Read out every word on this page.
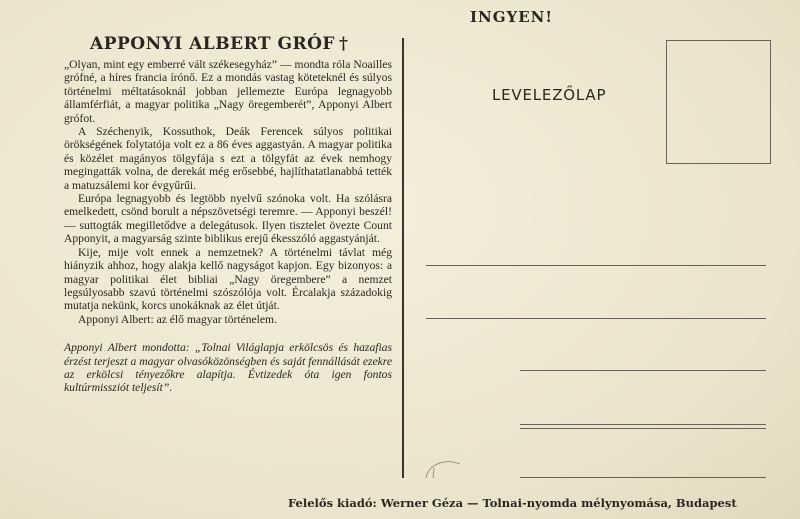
INGYEN!
APPONYI ALBERT GRÓF †

„Olyan, mint egy emberré vált székesegyház” — mondta róla Noailles grófné, a híres francia írónő. Ez a mondás vastag köteteknél és súlyos történelmi méltatásoknál jobban jellemezte Európa legnagyobb államférfiát, a magyar politika „Nagy öregemberét”, Apponyi Albert grófot.

A Széchenyik, Kossuthok, Deák Ferencek súlyos politikai örökségének folytatója volt ez a 86 éves aggastyán. A magyar politika és közélet magányos tölgyfája s ezt a tölgyfát az évek nemhogy megingatták volna, de derekát még erősebbé, hajlíthatatlanabbá tették a matuzsálemi kor évgyűrűi.

Európa legnagyobb és legtöbb nyelvű szónoka volt. Ha szólásra emelkedett, csönd borult a népszövetségi teremre. — Apponyi beszél! — suttogták megilletődve a delegátusok. Ilyen tisztelet övezte Count Apponyit, a magyarság szinte biblikus erejű ékesszóló aggastyánját.

Kije, mije volt ennek a nemzetnek? A történelmi távlat még hiányzik ahhoz, hogy alakja kellő nagyságot kapjon. Egy bizonyos: a magyar politikai élet bibliai „Nagy öregembere” a nemzet legsúlyosabb szavú történelmi szószólója volt. Ércalakja századokig mutatja nekünk, korcs unokáknak az élet útját.

Apponyi Albert: az élő magyar történelem.

Apponyi Albert mondotta: „Tolnai Világlapja erkölcsös és hazafias érzést terjeszt a magyar olvasóközönségben és saját fennállását ezekre az erkölcsi tényezőkre alapítja. Évtizedek óta igen fontos kultúrmissziót teljesít”.
LEVELEZŐLAP
Felelős kiadó: Werner Géza — Tolnai-nyomda mélynyomása, Budapest
